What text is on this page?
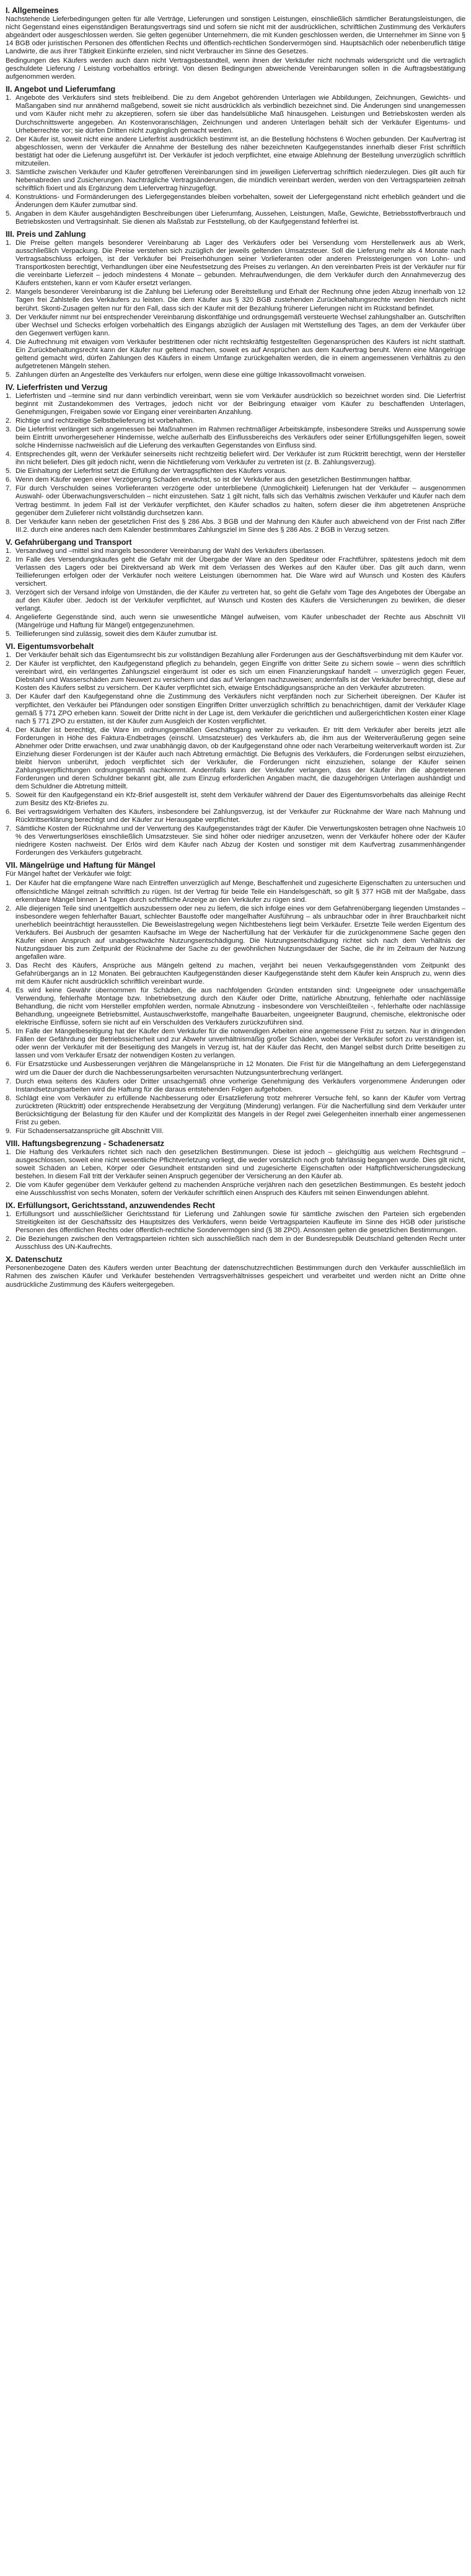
I. Allgemeines

Nachstehende Lieferbedingungen gelten für alle Verträge, Lieferungen und sonstigen Leistungen, einschließlich sämtlicher Beratungsleistungen, die nicht Gegenstand eines eigenständigen Beratungsvertrags sind und sofern sie nicht mit der ausdrücklichen, schriftlichen Zustimmung des Verkäufers abgeändert oder ausgeschlossen werden. Sie gelten gegenüber Unternehmern, die mit Kunden geschlossen werden, die Unternehmer im Sinne von § 14 BGB oder juristischen Personen des öffentlichen Rechts und öffentlich-rechtlichen Sondervermögen sind. Hauptsächlich oder nebenberuflich tätige Landwirte, die aus ihrer Tätigkeit Einkünfte erzielen, sind nicht Verbraucher im Sinne des Gesetzes.

Bedingungen des Käufers werden auch dann nicht Vertragsbestandteil, wenn ihnen der Verkäufer nicht nochmals widerspricht und die vertraglich geschuldete Lieferung / Leistung vorbehaltlos erbringt. Von diesen Bedingungen abweichende Vereinbarungen sollen in die Auftragsbestätigung aufgenommen werden.

II. Angebot und Lieferumfang
1. Angebote des Verkäufers sind stets freibleibend. Die zu dem Angebot gehörenden Unterlagen wie Abbildungen, Zeichnungen, Gewichts- und Maßangaben sind nur annähernd maßgebend, soweit sie nicht ausdrücklich als verbindlich bezeichnet sind. Die Änderungen sind unangemessen und vom Käufer nicht mehr zu akzeptieren, sofern sie über das handelsübliche Maß hinausgehen. Leistungen und Betriebskosten werden als Durchschnittswerte angegeben. An Kostenvoranschlägen, Zeichnungen und anderen Unterlagen behält sich der Verkäufer Eigentums- und Urheberrechte vor; sie dürfen Dritten nicht zugänglich gemacht werden.
2. Der Käufer ist, soweit nicht eine andere Lieferfrist ausdrücklich bestimmt ist, an die Bestellung höchstens 6 Wochen gebunden. Der Kaufvertrag ist abgeschlossen, wenn der Verkäufer die Annahme der Bestellung des näher bezeichneten Kaufgegenstandes innerhalb dieser Frist schriftlich bestätigt hat oder die Lieferung ausgeführt ist. Der Verkäufer ist jedoch verpflichtet, eine etwaige Ablehnung der Bestellung unverzüglich schriftlich mitzuteilen.
3. Sämtliche zwischen Verkäufer und Käufer getroffenen Vereinbarungen sind im jeweiligen Liefervertrag schriftlich niederzulegen. Dies gilt auch für Nebenabreden und Zusicherungen. Nachträgliche Vertragsänderungen, die mündlich vereinbart werden, werden von den Vertragsparteien zeitnah schriftlich fixiert und als Ergänzung dem Liefervertrag hinzugefügt.
4. Konstruktions- und Formänderungen des Liefergegenstandes bleiben vorbehalten, soweit der Liefergegenstand nicht erheblich geändert und die Änderungen dem Käufer zumutbar sind.
5. Angaben in dem Käufer ausgehändigten Beschreibungen über Lieferumfang, Aussehen, Leistungen, Maße, Gewichte, Betriebsstoffverbrauch und Betriebskosten und Vertragsinhalt. Sie dienen als Maßstab zur Feststellung, ob der Kaufgegenstand fehlerfrei ist.
III. Preis und Zahlung
1. Die Preise gelten mangels besonderer Vereinbarung ab Lager des Verkäufers oder bei Versendung vom Herstellerwerk aus ab Werk, ausschließlich Verpackung. Die Preise verstehen sich zuzüglich der jeweils geltenden Umsatzsteuer. Soll die Lieferung mehr als 4 Monate nach Vertragsabschluss erfolgen, ist der Verkäufer bei Preiserhöhungen seiner Vorlieferanten oder anderen Preissteigerungen von Lohn- und Transportkosten berechtigt, Verhandlungen über eine Neufestsetzung des Preises zu verlangen. An den vereinbarten Preis ist der Verkäufer nur für die vereinbarte Lieferzeit – jedoch mindestens 4 Monate – gebunden. Mehraufwendungen, die dem Verkäufer durch den Annahmeverzug des Käufers entstehen, kann er vom Käufer ersetzt verlangen.
2. Mangels besonderer Vereinbarung ist die Zahlung bei Lieferung oder Bereitstellung und Erhalt der Rechnung ohne jeden Abzug innerhalb von 12 Tagen frei Zahlstelle des Verkäufers zu leisten. Die dem Käufer aus § 320 BGB zustehenden Zurückbehaltungsrechte werden hierdurch nicht berührt. Skonti-Zusagen gelten nur für den Fall, dass sich der Käufer mit der Bezahlung früherer Lieferungen nicht im Rückstand befindet.
3. Der Verkäufer nimmt nur bei entsprechender Vereinbarung diskontfähige und ordnungsgemäß versteuerte Wechsel zahlungshalber an. Gutschriften über Wechsel und Schecks erfolgen vorbehaltlich des Eingangs abzüglich der Auslagen mit Wertstellung des Tages, an dem der Verkäufer über den Gegenwert verfügen kann.
4. Die Aufrechnung mit etwaigen vom Verkäufer bestrittenen oder nicht rechtskräftig festgestellten Gegenansprüchen des Käufers ist nicht statthaft. Ein Zurückbehaltungsrecht kann der Käufer nur geltend machen, soweit es auf Ansprüchen aus dem Kaufvertrag beruht. Wenn eine Mängelrüge geltend gemacht wird, dürfen Zahlungen des Käufers in einem Umfange zurückgehalten werden, die in einem angemessenen Verhältnis zu den aufgetretenen Mängeln stehen.
5. Zahlungen dürfen an Angestellte des Verkäufers nur erfolgen, wenn diese eine gültige Inkassovollmacht vorweisen.
IV. Lieferfristen und Verzug
1. Lieferfristen und –termine sind nur dann verbindlich vereinbart, wenn sie vom Verkäufer ausdrücklich so bezeichnet worden sind. Die Lieferfrist beginnt mit Zustandekommen des Vertrages, jedoch nicht vor der Beibringung etwaiger vom Käufer zu beschaffenden Unterlagen, Genehmigungen, Freigaben sowie vor Eingang einer vereinbarten Anzahlung.
2. Richtige und rechtzeitige Selbstbelieferung ist vorbehalten.
3. Die Lieferfrist verlängert sich angemessen bei Maßnahmen im Rahmen rechtmäßiger Arbeitskämpfe, insbesondere Streiks und Aussperrung sowie beim Eintritt unvorhergesehener Hindernisse, welche außerhalb des Einflussbereichs des Verkäufers oder seiner Erfüllungsgehilfen liegen, soweit solche Hindernisse nachweislich auf die Lieferung des verkauften Gegenstandes von Einfluss sind.
4. Entsprechendes gilt, wenn der Verkäufer seinerseits nicht rechtzeitig beliefert wird. Der Verkäufer ist zum Rücktritt berechtigt, wenn der Hersteller ihn nicht beliefert. Dies gilt jedoch nicht, wenn die Nichtlieferung vom Verkäufer zu vertreten ist (z. B. Zahlungsverzug).
5. Die Einhaltung der Lieferfrist setzt die Erfüllung der Vertragspflichten des Käufers voraus.
6. Wenn dem Käufer wegen einer Verzögerung Schaden erwächst, so ist der Verkäufer aus den gesetzlichen Bestimmungen haftbar.
7. Für durch Verschulden seines Vorlieferanten verzögerte oder unterbliebene (Unmöglichkeit) Lieferungen hat der Verkäufer – ausgenommen Auswahl- oder Überwachungsverschulden – nicht einzustehen. Satz 1 gilt nicht, falls sich das Verhältnis zwischen Verkäufer und Käufer nach dem Vertrag bestimmt. In jedem Fall ist der Verkäufer verpflichtet, den Käufer schadlos zu halten, sofern dieser die ihm abgetretenen Ansprüche gegenüber dem Zulieferer nicht vollständig durchsetzen kann.
8. Der Verkäufer kann neben der gesetzlichen Frist des § 286 Abs. 3 BGB und der Mahnung den Käufer auch abweichend von der Frist nach Ziffer III.2. durch eine anderes nach dem Kalender bestimmbares Zahlungsziel im Sinne des § 286 Abs. 2 BGB in Verzug setzen.
V. Gefahrübergang und Transport
1. Versandweg und –mittel sind mangels besonderer Vereinbarung der Wahl des Verkäufers überlassen.
2. Im Falle des Versendungskaufes geht die Gefahr mit der Übergabe der Ware an den Spediteur oder Frachtführer, spätestens jedoch mit dem Verlassen des Lagers oder bei Direktversand ab Werk mit dem Verlassen des Werkes auf den Käufer über. Das gilt auch dann, wenn Teillieferungen erfolgen oder der Verkäufer noch weitere Leistungen übernommen hat. Die Ware wird auf Wunsch und Kosten des Käufers versichert.
3. Verzögert sich der Versand infolge von Umständen, die der Käufer zu vertreten hat, so geht die Gefahr vom Tage des Angebotes der Übergabe an auf den Käufer über. Jedoch ist der Verkäufer verpflichtet, auf Wunsch und Kosten des Käufers die Versicherungen zu bewirken, die dieser verlangt.
4. Angelieferte Gegenstände sind, auch wenn sie unwesentliche Mängel aufweisen, vom Käufer unbeschadet der Rechte aus Abschnitt VII (Mängelrüge und Haftung für Mängel) entgegenzunehmen.
5. Teillieferungen sind zulässig, soweit dies dem Käufer zumutbar ist.
VI. Eigentumsvorbehalt
1. Der Verkäufer behält sich das Eigentumsrecht bis zur vollständigen Bezahlung aller Forderungen aus der Geschäftsverbindung mit dem Käufer vor.
2. Der Käufer ist verpflichtet, den Kaufgegenstand pfleglich zu behandeln, gegen Eingriffe von dritter Seite zu sichern sowie – wenn dies schriftlich vereinbart wird, ein verlängertes Zahlungsziel eingeräumt ist oder es sich um einen Finanzierungskauf handelt – unverzüglich gegen Feuer, Diebstahl und Wasserschäden zum Neuwert zu versichern und das auf Verlangen nachzuweisen; andernfalls ist der Verkäufer berechtigt, diese auf Kosten des Käufers selbst zu versichern. Der Käufer verpflichtet sich, etwaige Entschädigungsansprüche an den Verkäufer abzutreten.
3. Der Käufer darf den Kaufgegenstand ohne die Zustimmung des Verkäufers nicht verpfänden noch zur Sicherheit übereignen. Der Käufer ist verpflichtet, den Verkäufer bei Pfändungen oder sonstigen Eingriffen Dritter unverzüglich schriftlich zu benachrichtigen, damit der Verkäufer Klage gemäß § 771 ZPO erheben kann. Soweit der Dritte nicht in der Lage ist, dem Verkäufer die gerichtlichen und außergerichtlichen Kosten einer Klage nach § 771 ZPO zu erstatten, ist der Käufer zum Ausgleich der Kosten verpflichtet.
4. Der Käufer ist berechtigt, die Ware im ordnungsgemäßen Geschäftsgang weiter zu verkaufen. Er tritt dem Verkäufer aber bereits jetzt alle Forderungen in Höhe des Faktura-Endbetrages (einschl. Umsatzsteuer) des Verkäufers ab, die ihm aus der Weiterveräußerung gegen seine Abnehmer oder Dritte erwachsen, und zwar unabhängig davon, ob der Kaufgegenstand ohne oder nach Verarbeitung weiterverkauft worden ist. Zur Einziehung dieser Forderungen ist der Käufer auch nach Abtretung ermächtigt. Die Befugnis des Verkäufers, die Forderungen selbst einzuziehen, bleibt hiervon unberührt, jedoch verpflichtet sich der Verkäufer, die Forderungen nicht einzuziehen, solange der Käufer seinen Zahlungsverpflichtungen ordnungsgemäß nachkommt. Andernfalls kann der Verkäufer verlangen, dass der Käufer ihm die abgetretenen Forderungen und deren Schuldner bekannt gibt, alle zum Einzug erforderlichen Angaben macht, die dazugehörigen Unterlagen aushändigt und dem Schuldner die Abtretung mitteilt.
5. Soweit für den Kaufgegenstand ein Kfz-Brief ausgestellt ist, steht dem Verkäufer während der Dauer des Eigentumsvorbehalts das alleinige Recht zum Besitz des Kfz-Briefes zu.
6. Bei vertragswidrigem Verhalten des Käufers, insbesondere bei Zahlungsverzug, ist der Verkäufer zur Rücknahme der Ware nach Mahnung und Rücktrittserklärung berechtigt und der Käufer zur Herausgabe verpflichtet.
7. Sämtliche Kosten der Rücknahme und der Verwertung des Kaufgegenstandes trägt der Käufer. Die Verwertungskosten betragen ohne Nachweis 10 % des Verwertungserlöses einschließlich Umsatzsteuer. Sie sind höher oder niedriger anzusetzen, wenn der Verkäufer höhere oder der Käufer niedrigere Kosten nachweist. Der Erlös wird dem Käufer nach Abzug der Kosten und sonstiger mit dem Kaufvertrag zusammenhängender Forderungen des Verkäufers gutgebracht.
VII. Mängelrüge und Haftung für Mängel

Für Mängel haftet der Verkäufer wie folgt:

1. Der Käufer hat die empfangene Ware nach Eintreffen unverzüglich auf Menge, Beschaffenheit und zugesicherte Eigenschaften zu untersuchen und offensichtliche Mängel zeitnah schriftlich zu rügen. Ist der Vertrag für beide Teile ein Handelsgeschäft, so gilt § 377 HGB mit der Maßgabe, dass erkennbare Mängel binnen 14 Tagen durch schriftliche Anzeige an den Verkäufer zu rügen sind.
2. Alle diejenigen Teile sind unentgeltlich auszubessern oder neu zu liefern, die sich infolge eines vor dem Gefahrenübergang liegenden Umstandes – insbesondere wegen fehlerhafter Bauart, schlechter Baustoffe oder mangelhafter Ausführung – als unbrauchbar oder in ihrer Brauchbarkeit nicht unerheblich beeinträchtigt herausstellen. Die Beweislastregelung wegen Nichtbestehens liegt beim Verkäufer. Ersetzte Teile werden Eigentum des Verkäufers. Bei Ausbruch der gesamten Kaufsache im Wege der Nacherfüllung hat der Verkäufer für die zurückgenommene Sache gegen den Käufer einen Anspruch auf unabgeschwächte Nutzungsentschädigung. Die Nutzungsentschädigung richtet sich nach dem Verhältnis der Nutzungsdauer bis zum Zeitpunkt der Rücknahme der Sache zu der gewöhnlichen Nutzungsdauer der Sache, die ihr im Zeitraum der Nutzung angefallen wäre.
3. Das Recht des Käufers, Ansprüche aus Mängeln geltend zu machen, verjährt bei neuen Verkaufsgegenständen vom Zeitpunkt des Gefahrübergangs an in 12 Monaten. Bei gebrauchten Kaufgegenständen dieser Kaufgegenstände steht dem Käufer kein Anspruch zu, wenn dies mit dem Käufer nicht ausdrücklich schriftlich vereinbart wurde.
4. Es wird keine Gewähr übernommen für Schäden, die aus nachfolgenden Gründen entstanden sind: Ungeeignete oder unsachgemäße Verwendung, fehlerhafte Montage bzw. Inbetriebsetzung durch den Käufer oder Dritte, natürliche Abnutzung, fehlerhafte oder nachlässige Behandlung, die nicht vom Hersteller empfohlen werden, normale Abnutzung - insbesondere von Verschleißteilen -, fehlerhafte oder nachlässige Behandlung, ungeeignete Betriebsmittel, Austauschwerkstoffe, mangelhafte Bauarbeiten, ungeeigneter Baugrund, chemische, elektronische oder elektrische Einflüsse, sofern sie nicht auf ein Verschulden des Verkäufers zurückzuführen sind.
5. Im Falle der Mängelbeseitigung hat der Käufer dem Verkäufer für die notwendigen Arbeiten eine angemessene Frist zu setzen. Nur in dringenden Fällen der Gefährdung der Betriebssicherheit und zur Abwehr unverhältnismäßig großer Schäden, wobei der Verkäufer sofort zu verständigen ist, oder wenn der Verkäufer mit der Beseitigung des Mangels in Verzug ist, hat der Käufer das Recht, den Mangel selbst durch Dritte beseitigen zu lassen und vom Verkäufer Ersatz der notwendigen Kosten zu verlangen.
6. Für Ersatzstücke und Ausbesserungen verjähren die Mängelansprüche in 12 Monaten. Die Frist für die Mängelhaftung an dem Liefergegenstand wird um die Dauer der durch die Nachbesserungsarbeiten verursachten Nutzungsunterbrechung verlängert.
7. Durch etwa seitens des Käufers oder Dritter unsachgemäß ohne vorherige Genehmigung des Verkäufers vorgenommene Änderungen oder Instandsetzungsarbeiten wird die Haftung für die daraus entstehenden Folgen aufgehoben.
8. Schlägt eine vom Verkäufer zu erfüllende Nachbesserung oder Ersatzlieferung trotz mehrerer Versuche fehl, so kann der Käufer vom Vertrag zurücktreten (Rücktritt) oder entsprechende Herabsetzung der Vergütung (Minderung) verlangen. Für die Nacherfüllung sind dem Verkäufer unter Berücksichtigung der Belastung für den Käufer und der Komplizität des Mangels in der Regel zwei Gelegenheiten innerhalb einer angemessenen Frist zu geben.
9. Für Schadensersatzansprüche gilt Abschnitt VIII.
VIII. Haftungsbegrenzung - Schadenersatz
1. Die Haftung des Verkäufers richtet sich nach den gesetzlichen Bestimmungen. Diese ist jedoch – gleichgültig aus welchem Rechtsgrund – ausgeschlossen, soweit eine nicht wesentliche Pflichtverletzung vorliegt, die weder vorsätzlich noch grob fahrlässig begangen wurde. Dies gilt nicht, soweit Schäden an Leben, Körper oder Gesundheit entstanden sind und zugesicherte Eigenschaften oder Haftpflichtversicherungsdeckung bestehen. In diesem Fall tritt der Verkäufer seinen Anspruch gegenüber der Versicherung an den Käufer ab.
2. Die vom Käufer gegenüber dem Verkäufer geltend zu machenden Ansprüche verjähren nach den gesetzlichen Bestimmungen. Es besteht jedoch eine Ausschlussfrist von sechs Monaten, sofern der Verkäufer schriftlich einen Anspruch des Käufers mit seinen Einwendungen ablehnt.
IX. Erfüllungsort, Gerichtsstand, anzuwendendes Recht
1. Erfüllungsort und ausschließlicher Gerichtsstand für Lieferung und Zahlungen sowie für sämtliche zwischen den Parteien sich ergebenden Streitigkeiten ist der Geschäftssitz des Hauptsitzes des Verkäufers, wenn beide Vertragsparteien Kaufleute im Sinne des HGB oder juristische Personen des öffentlichen Rechts oder öffentlich-rechtliche Sondervermögen sind (§ 38 ZPO). Ansonsten gelten die gesetzlichen Bestimmungen.
2. Die Beziehungen zwischen den Vertragsparteien richten sich ausschließlich nach dem in der Bundesrepublik Deutschland geltenden Recht unter Ausschluss des UN-Kaufrechts.
X. Datenschutz

Personenbezogene Daten des Käufers werden unter Beachtung der datenschutzrechtlichen Bestimmungen durch den Verkäufer ausschließlich im Rahmen des zwischen Käufer und Verkäufer bestehenden Vertragsverhältnisses gespeichert und verarbeitet und werden nicht an Dritte ohne ausdrückliche Zustimmung des Käufers weitergegeben.
